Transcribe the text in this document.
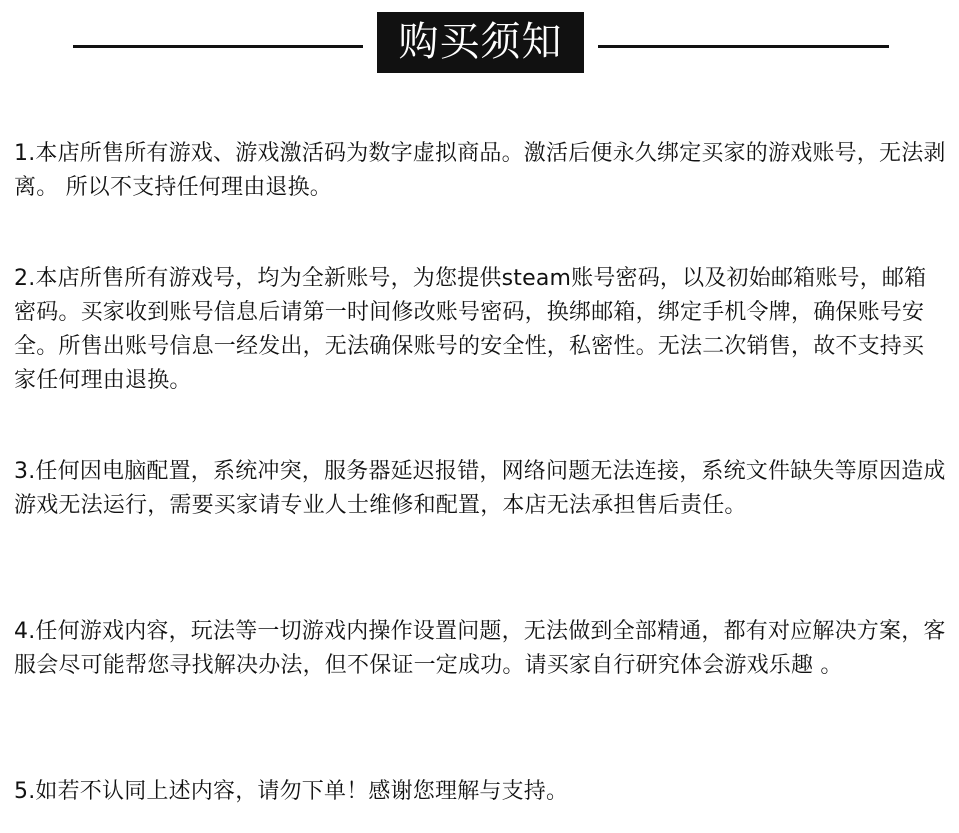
购买须知

1.本店所售所有游戏、游戏激活码为数字虚拟商品。激活后便永久绑定买家的游戏账号，无法剥离。 所以不支持任何理由退换。

2.本店所售所有游戏号，均为全新账号，为您提供steam账号密码，以及初始邮箱账号，邮箱密码。买家收到账号信息后请第一时间修改账号密码，换绑邮箱，绑定手机令牌，确保账号安全。所售出账号信息一经发出，无法确保账号的安全性，私密性。无法二次销售，故不支持买家任何理由退换。

3.任何因电脑配置，系统冲突，服务器延迟报错，网络问题无法连接，系统文件缺失等原因造成游戏无法运行，需要买家请专业人士维修和配置，本店无法承担售后责任。

4.任何游戏内容，玩法等一切游戏内操作设置问题，无法做到全部精通，都有对应解决方案，客服会尽可能帮您寻找解决办法，但不保证一定成功。请买家自行研究体会游戏乐趣 。

5.如若不认同上述内容，请勿下单！感谢您理解与支持。
